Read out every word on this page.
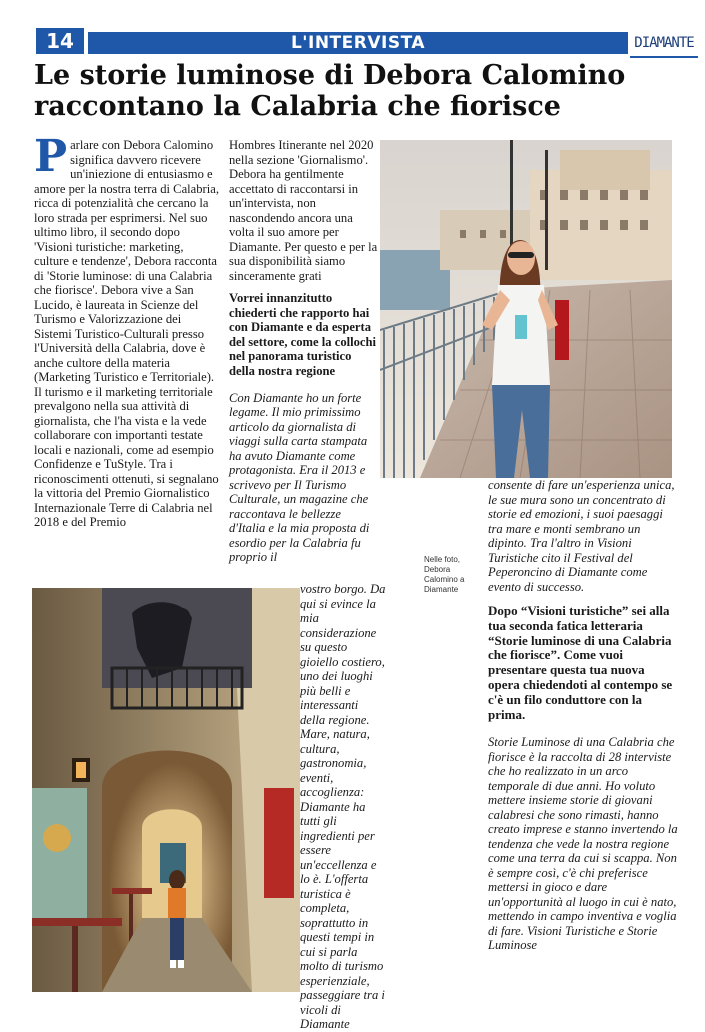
14	L'INTERVISTA	DIAMANTE
Le storie luminose di Debora Calomino raccontano la Calabria che fiorisce
Parlare con Debora Calomino significa davvero ricevere un'iniezione di entusiasmo e amore per la nostra terra di Calabria, ricca di potenzialità che cercano la loro strada per esprimersi. Nel suo ultimo libro, il secondo dopo 'Visioni turistiche: marketing, culture e tendenze', Debora racconta di 'Storie luminose: di una Calabria che fiorisce'. Debora vive a San Lucido, è laureata in Scienze del Turismo e Valorizzazione dei Sistemi Turistico-Culturali presso l'Università della Calabria, dove è anche cultore della materia (Marketing Turistico e Territoriale). Il turismo e il marketing territoriale prevalgono nella sua attività di giornalista, che l'ha vista e la vede collaborare con importanti testate locali e nazionali, come ad esempio Confidenze e TuStyle. Tra i riconoscimenti ottenuti, si segnalano la vittoria del Premio Giornalistico Internazionale Terre di Calabria nel 2018 e del Premio

Hombres Itinerante nel 2020 nella sezione 'Giornalismo'. Debora ha gentilmente accettato di raccontarsi in un'intervista, non nascondendo ancora una volta il suo amore per Diamante. Per questo e per la sua disponibilità siamo sinceramente grati

Vorrei innanzitutto chiederti che rapporto hai con Diamante e da esperta del settore, come la collochi nel panorama turistico della nostra regione

Con Diamante ho un forte legame. Il mio primissimo articolo da giornalista di viaggi sulla carta stampata ha avuto Diamante come protagonista. Era il 2013 e scrivevo per Il Turismo Culturale, un magazine che raccontava le bellezze d'Italia e la mia proposta di esordio per la Calabria fu proprio il

vostro borgo. Da qui si evince la mia considerazione su questo gioiello costiero, uno dei luoghi più belli e interessanti della regione. Mare, natura, cultura, gastronomia, eventi, accoglienza: Diamante ha tutti gli ingredienti per essere un'eccellenza e lo è. L'offerta turistica è completa, soprattutto in questi tempi in cui si parla molto di turismo esperienziale, passeggiare tra i vicoli di Diamante

consente di fare un'esperienza unica, le sue mura sono un concentrato di storie ed emozioni, i suoi paesaggi tra mare e monti sembrano un dipinto. Tra l'altro in Visioni Turistiche cito il Festival del Peperoncino di Diamante come evento di successo.

Dopo “Visioni turistiche” sei alla tua seconda fatica letteraria “Storie luminose di una Calabria che fiorisce”. Come vuoi presentare questa tua nuova opera chiedendoti al contempo se c'è un filo conduttore con la prima.

Storie Luminose di una Calabria che fiorisce è la raccolta di 28 interviste che ho realizzato in un arco temporale di due anni. Ho voluto mettere insieme storie di giovani calabresi che sono rimasti, hanno creato imprese e stanno invertendo la tendenza che vede la nostra regione come una terra da cui si scappa. Non è sempre così, c'è chi preferisce mettersi in gioco e dare un'opportunità al luogo in cui è nato, mettendo in campo inventiva e voglia di fare. Visioni Turistiche e Storie Luminose

Nelle foto, Debora Calomino a Diamante
